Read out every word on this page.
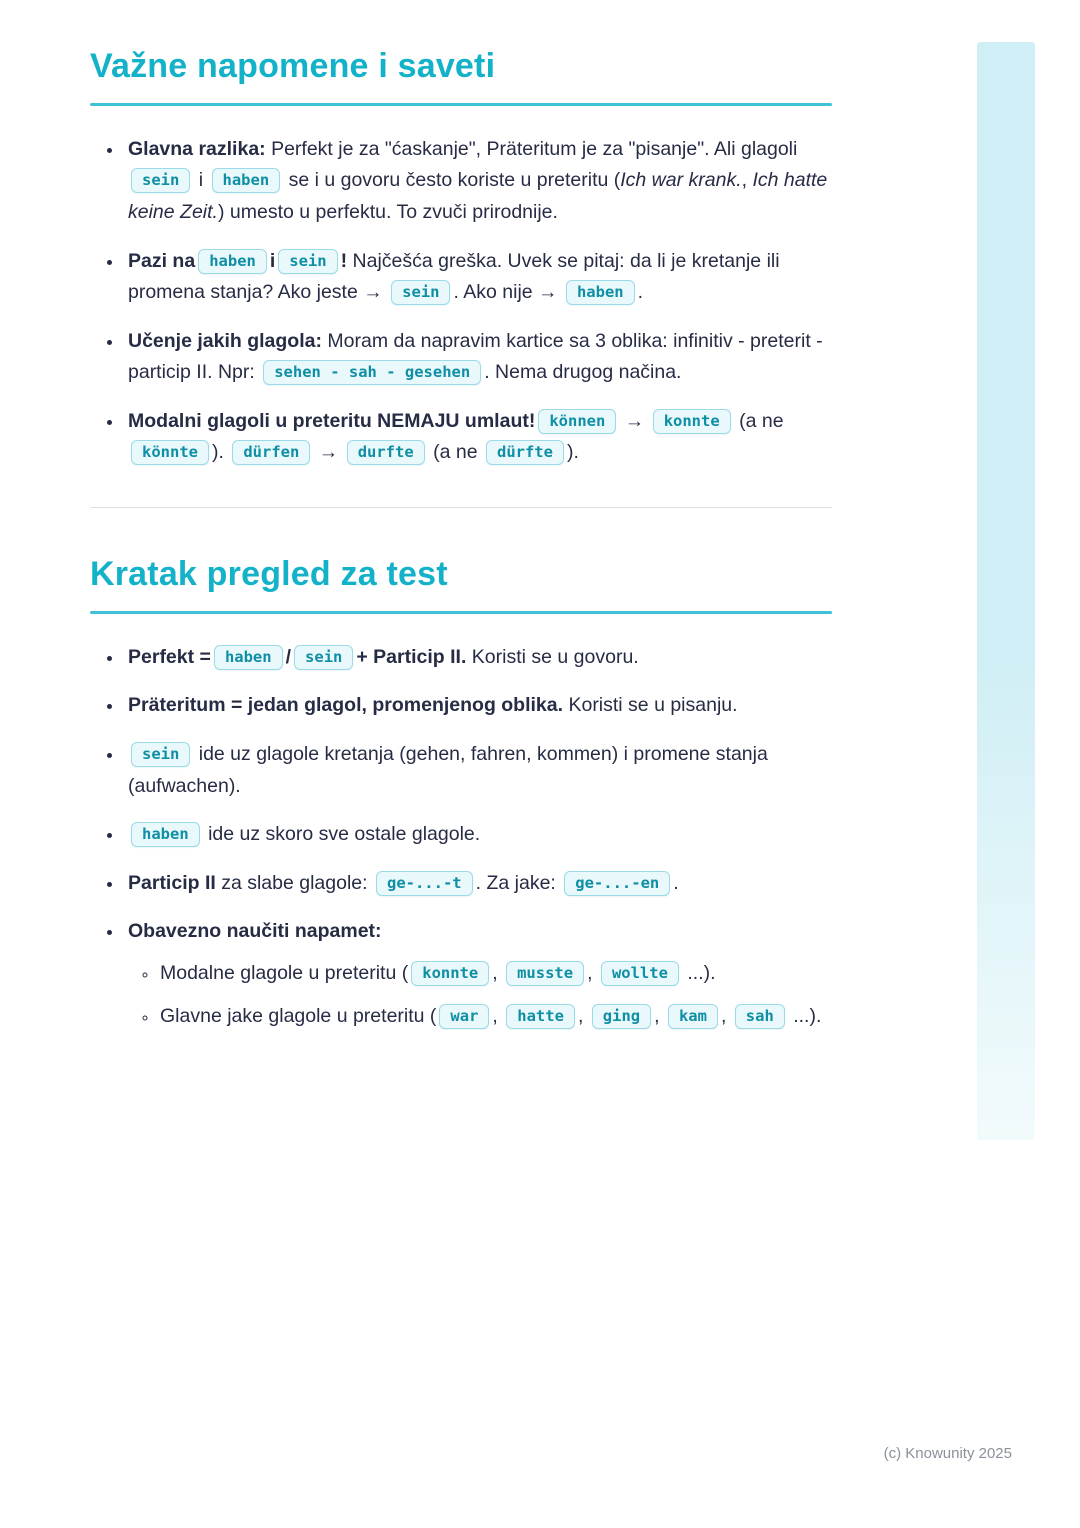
Važne napomene i saveti
• Glavna razlika: Perfekt je za "ćaskanje", Präteritum je za "pisanje". Ali glagoli sein i haben se i u govoru često koriste u preteritu (Ich war krank., Ich hatte keine Zeit.) umesto u perfektu. To zvuči prirodnije.
• Pazi na haben i sein ! Najčešća greška. Uvek se pitaj: da li je kretanje ili promena stanja? Ako jeste → sein . Ako nije → haben .
• Učenje jakih glagola: Moram da napravim kartice sa 3 oblika: infinitiv - preterit - particip II. Npr: sehen - sah - gesehen . Nema drugog načina.
• Modalni glagoli u preteritu NEMAJU umlaut! können → konnte (a ne könnte ). dürfen → durfte (a ne dürfte ).
Kratak pregled za test
• Perfekt = haben / sein + Particip II. Koristi se u govoru.
• Präteritum = jedan glagol, promenjenog oblika. Koristi se u pisanju.
• sein ide uz glagole kretanja (gehen, fahren, kommen) i promene stanja (aufwachen).
• haben ide uz skoro sve ostale glagole.
• Particip II za slabe glagole: ge-...-t . Za jake: ge-...-en .
• Obavezno naučiti napamet:
◦ Modalne glagole u preteritu ( konnte , musste , wollte ...).
◦ Glavne jake glagole u preteritu ( war , hatte , ging , kam , sah ...).
(c) Knowunity 2025
